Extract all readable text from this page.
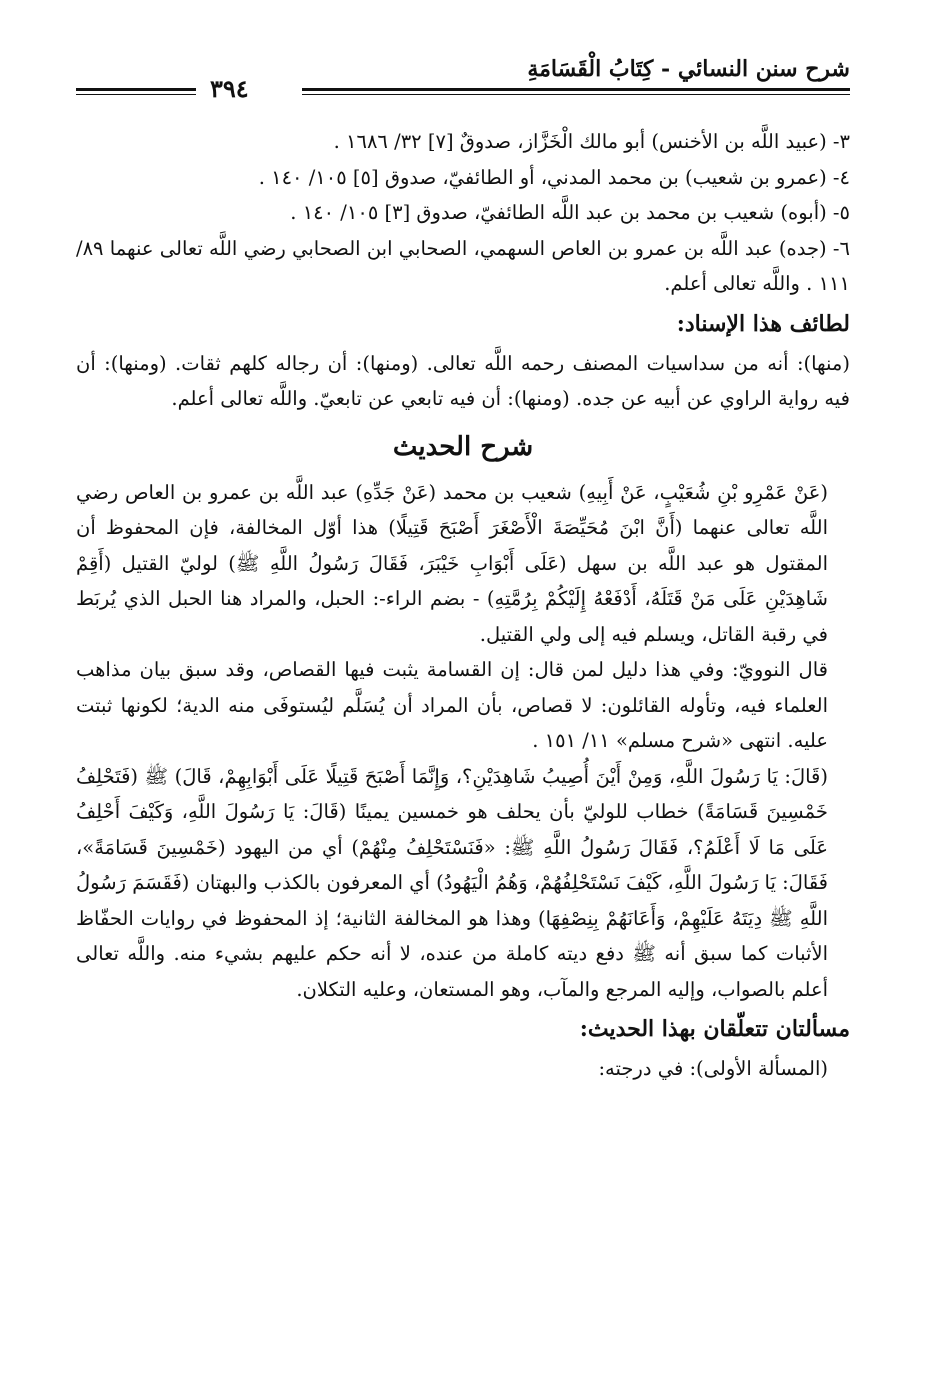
شرح سنن النسائي - كِتَابُ الْقَسَامَةِ
٣٩٤

٣- (عبيد اللَّه بن الأخنس) أبو مالك الْخَزَّاز، صدوقٌ [٧] ٣٢/ ١٦٨٦ .

٤- (عمرو بن شعيب) بن محمد المدني، أو الطائفيّ، صدوق [٥] ١٠٥/ ١٤٠ .

٥- (أبوه) شعيب بن محمد بن عبد اللَّه الطائفيّ، صدوق [٣] ١٠٥/ ١٤٠ .

٦- (جده) عبد اللَّه بن عمرو بن العاص السهمي، الصحابي ابن الصحابي رضي اللَّه تعالى عنهما ٨٩/ ١١١ . واللَّه تعالى أعلم.

لطائف هذا الإسناد:

(منها): أنه من سداسيات المصنف رحمه اللَّه تعالى. (ومنها): أن رجاله كلهم ثقات. (ومنها): أن فيه رواية الراوي عن أبيه عن جده. (ومنها): أن فيه تابعي عن تابعيّ. واللَّه تعالى أعلم.

شرح الحديث

(عَنْ عَمْرِو بْنِ شُعَيْبٍ، عَنْ أَبِيهِ) شعيب بن محمد (عَنْ جَدِّهِ) عبد اللَّه بن عمرو بن العاص رضي اللَّه تعالى عنهما (أَنَّ ابْنَ مُحَيِّصَةَ الْأَصْغَرَ أَصْبَحَ قَتِيلًا) هذا أوّل المخالفة، فإن المحفوظ أن المقتول هو عبد اللَّه بن سهل (عَلَى أَبْوَابِ خَيْبَرَ، فَقَالَ رَسُولُ اللَّهِ ﷺ) لوليّ القتيل (أَقِمْ شَاهِدَيْنِ عَلَى مَنْ قَتَلَهُ، أَدْفَعْهُ إِلَيْكُمْ بِرُمَّتِهِ) - بضم الراء-: الحبل، والمراد هنا الحبل الذي يُربَط في رقبة القاتل، ويسلم فيه إلى ولي القتيل.

قال النوويّ: وفي هذا دليل لمن قال: إن القسامة يثبت فيها القصاص، وقد سبق بيان مذاهب العلماء فيه، وتأوله القائلون: لا قصاص، بأن المراد أن يُسَلَّم ليُستوفَى منه الدية؛ لكونها ثبتت عليه. انتهى «شرح مسلم» ١١/ ١٥١ .

(قَالَ: يَا رَسُولَ اللَّهِ، وَمِنْ أَيْنَ أُصِيبُ شَاهِدَيْنِ؟، وَإِنَّمَا أَصْبَحَ قَتِيلًا عَلَى أَبْوَابِهِمْ، قَالَ) ﷺ (فَتَحْلِفُ خَمْسِينَ قَسَامَةً) خطاب للوليّ بأن يحلف هو خمسين يمينًا (قَالَ: يَا رَسُولَ اللَّهِ، وَكَيْفَ أَحْلِفُ عَلَى مَا لَا أَعْلَمُ؟، فَقَالَ رَسُولُ اللَّهِ ﷺ: «فَنَسْتَحْلِفُ مِنْهُمْ) أي من اليهود (خَمْسِينَ قَسَامَةً»، فَقَالَ: يَا رَسُولَ اللَّهِ، كَيْفَ نَسْتَحْلِفُهُمْ، وَهُمُ الْيَهُودُ) أي المعرفون بالكذب والبهتان (فَقَسَمَ رَسُولُ اللَّهِ ﷺ دِيَتَهُ عَلَيْهِمْ، وَأَعَانَهُمْ بِنِصْفِهَا) وهذا هو المخالفة الثانية؛ إذ المحفوظ في روايات الحفّاظ الأثبات كما سبق أنه ﷺ دفع ديته كاملة من عنده، لا أنه حكم عليهم بشيء منه. واللَّه تعالى أعلم بالصواب، وإليه المرجع والمآب، وهو المستعان، وعليه التكلان.

مسألتان تتعلّقان بهذا الحديث:

(المسألة الأولى): في درجته:
